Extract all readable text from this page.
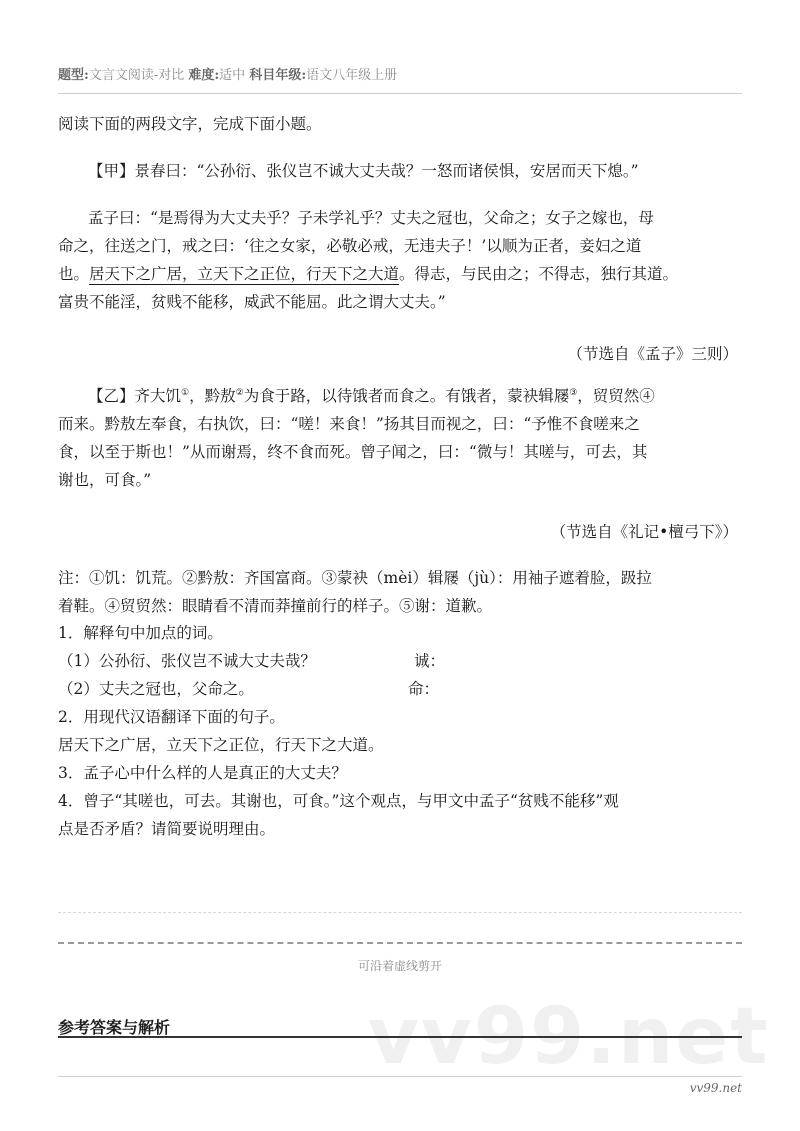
题型:文言文阅读-对比 难度:适中 科目年级:语文八年级上册
阅读下面的两段文字，完成下面小题。
【甲】景春曰：“公孙衍、张仪岂不诚大丈夫哉？一怒而诸侯惧，安居而天下熄。”
孟子曰：“是焉得为大丈夫乎？子未学礼乎？丈夫之冠也，父命之；女子之嫁也，母
命之，往送之门，戒之曰：‘往之女家，必敬必戒，无违夫子！’以顺为正者，妾妇之道
也。居天下之广居，立天下之正位，行天下之大道。得志，与民由之；不得志，独行其道。
富贵不能淫，贫贱不能移，威武不能屈。此之谓大丈夫。”
（节选自《孟子》三则）
【乙】齐大饥①，黔敖②为食于路，以待饿者而食之。有饿者，蒙袂辑屦③，贸贸然④
而来。黔敖左奉食，右执饮，曰：“嗟！来食！”扬其目而视之，曰：“予惟不食嗟来之
食，以至于斯也！”从而谢焉，终不食而死。曾子闻之，曰：“微与！其嗟与，可去，其
谢也，可食。”
（节选自《礼记•檀弓下》）
注：①饥：饥荒。②黔敖：齐国富商。③蒙袂（mèi）辑屦（jù）：用袖子遮着脸，趿拉
着鞋。④贸贸然：眼睛看不清而莽撞前行的样子。⑤谢：道歉。
1．解释句中加点的词。
（1）公孙衍、张仪岂不诚大丈夫哉？	诚：
（2）丈夫之冠也，父命之。	命：
2．用现代汉语翻译下面的句子。
居天下之广居，立天下之正位，行天下之大道。
3．孟子心中什么样的人是真正的大丈夫？
4．曾子“其嗟也，可去。其谢也，可食。”这个观点，与甲文中孟子“贫贱不能移”观
点是否矛盾？请简要说明理由。
可沿着虚线剪开
vv99.net
参考答案与解析
vv99.net
